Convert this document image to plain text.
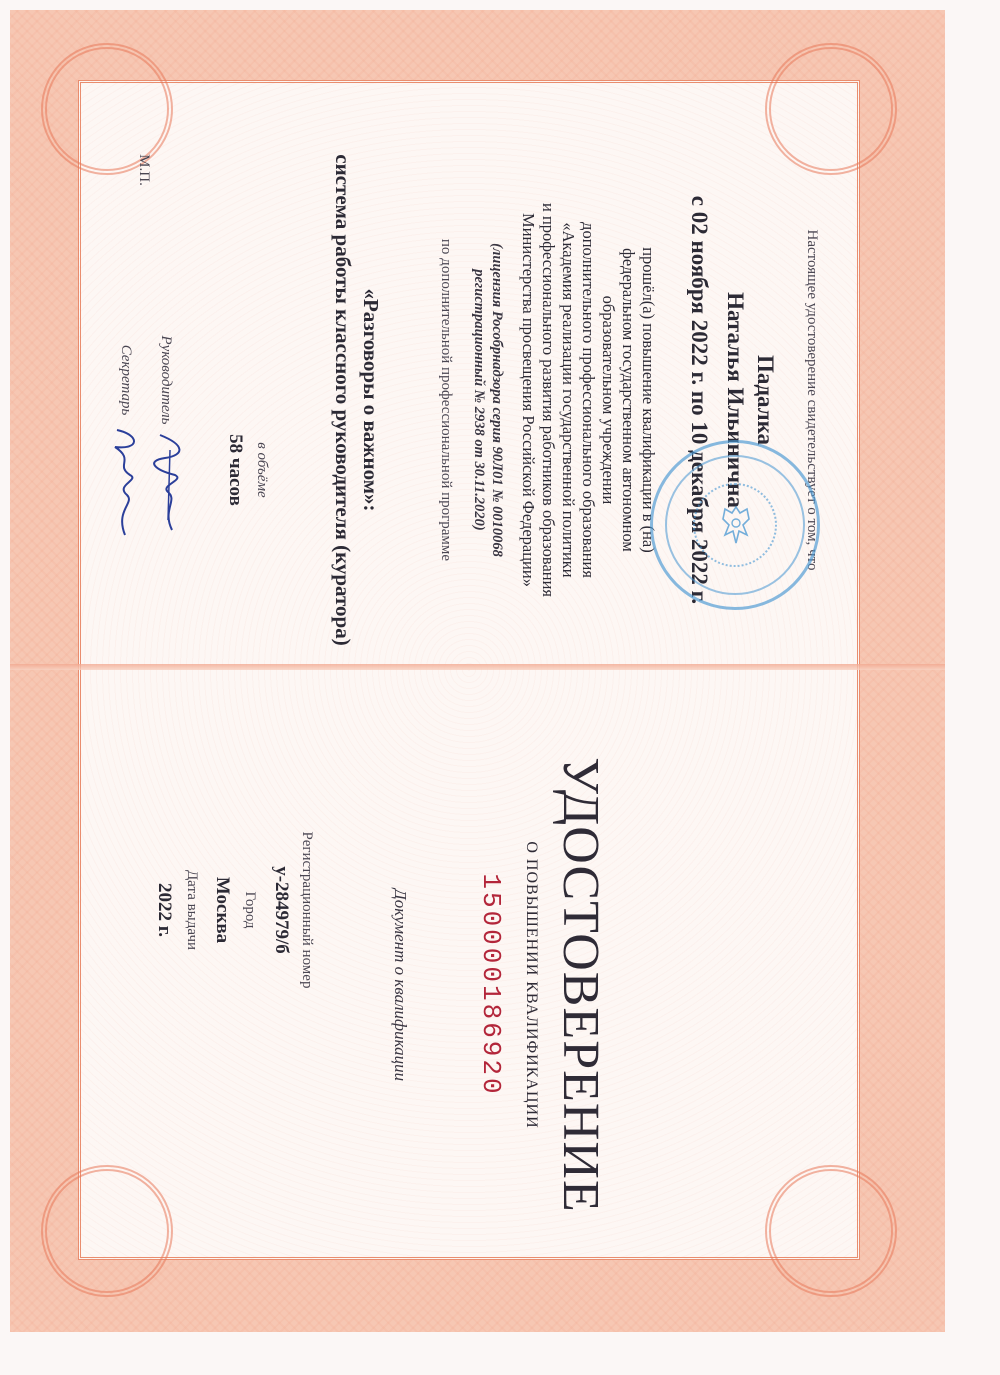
Настоящее удостоверение свидетельствует о том, что
Падалка
Наталья Ильинична
с 02 ноября 2022 г. по 10 декабря 2022 г.
прошёл(а) повышение квалификации в (на)
федеральном государственном автономном
образовательном учреждении
дополнительного профессионального образования
«Академия реализации государственной политики
и профессионального развития работников образования
Министерства просвещения Российской Федерации»
(лицензия Рособрнадзора серия 90Л01 № 0010068
регистрационный № 2938 от 30.11.2020)
по дополнительной профессиональной программе
«Разговоры о важном»:
система работы классного руководителя (куратора)
в объёме
58 часов
Руководитель
Секретарь
М.П.
УДОСТОВЕРЕНИЕ
О ПОВЫШЕНИИ КВАЛИФИКАЦИИ
150000186920
Документ о квалификации
Регистрационный номер
у-284979/б
Город
Москва
Дата выдачи
2022 г.
